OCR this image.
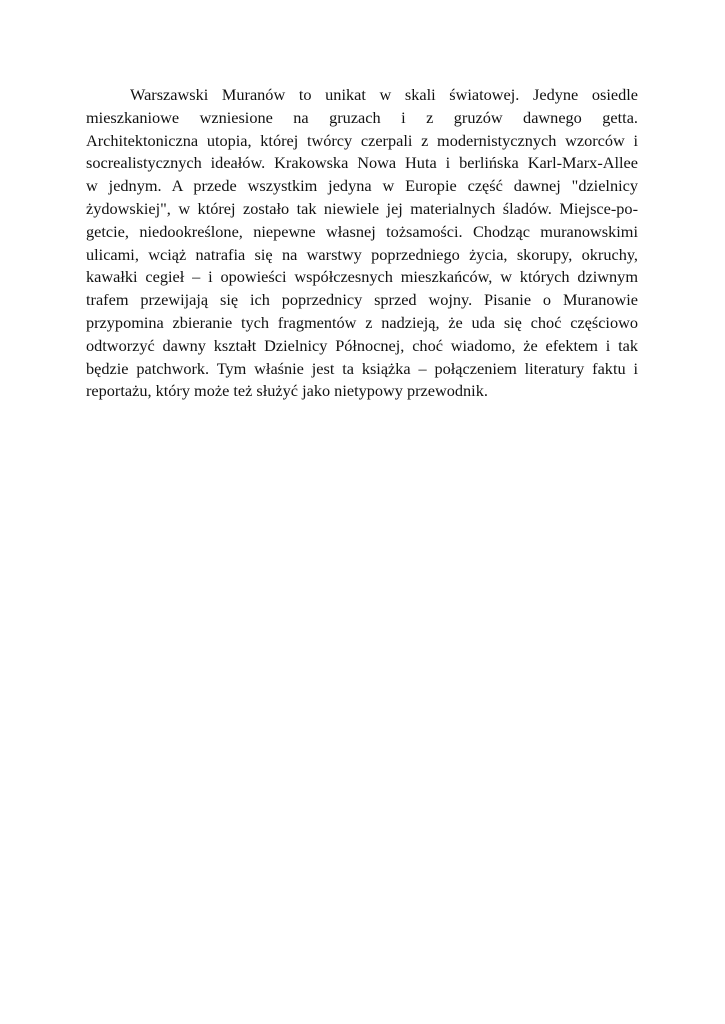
Warszawski Muranów to unikat w skali światowej. Jedyne osiedle
mieszkaniowe wzniesione na gruzach i z gruzów dawnego getta.
Architektoniczna utopia, której twórcy czerpali z modernistycznych wzorców i
socrealistycznych ideałów. Krakowska Nowa Huta i berlińska Karl-Marx-Allee
w jednym. A przede wszystkim jedyna w Europie część dawnej "dzielnicy
żydowskiej", w której zostało tak niewiele jej materialnych śladów. Miejsce-po-
getcie, niedookreślone, niepewne własnej tożsamości. Chodząc muranowskimi
ulicami, wciąż natrafia się na warstwy poprzedniego życia, skorupy, okruchy,
kawałki cegieł – i opowieści współczesnych mieszkańców, w których dziwnym
trafem przewijają się ich poprzednicy sprzed wojny. Pisanie o Muranowie
przypomina zbieranie tych fragmentów z nadzieją, że uda się choć częściowo
odtworzyć dawny kształt Dzielnicy Północnej, choć wiadomo, że efektem i tak
będzie patchwork. Tym właśnie jest ta książka – połączeniem literatury faktu i
reportażu, który może też służyć jako nietypowy przewodnik.
